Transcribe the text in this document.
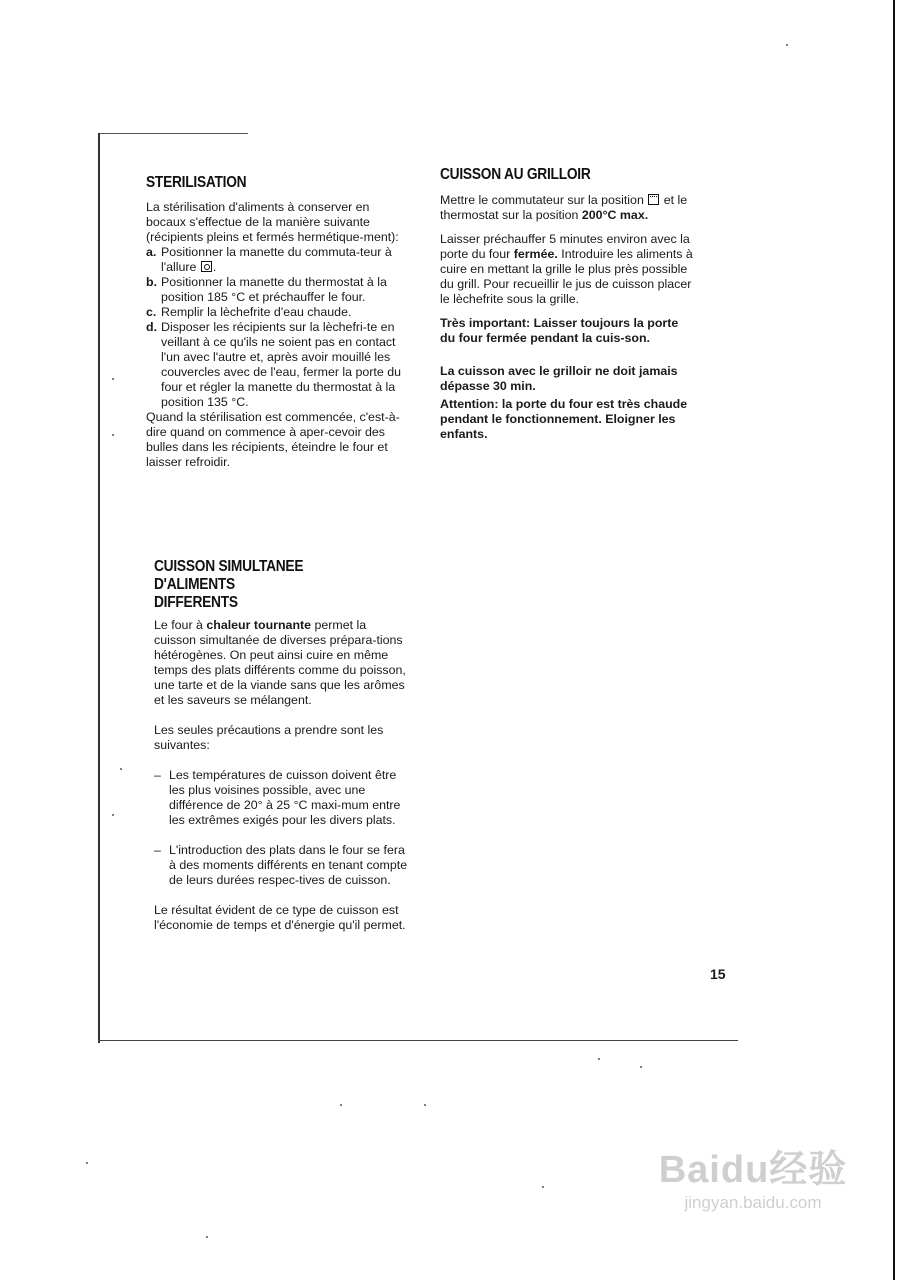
STERILISATION

La stérilisation d'aliments à conserver en bocaux s'effectue de la manière suivante (récipients pleins et fermés hermétique-ment):

a. Positionner la manette du commuta-teur à l'allure .
b. Positionner la manette du thermostat à la position 185 °C et préchauffer le four.
c. Remplir la lèchefrite d'eau chaude.
d. Disposer les récipients sur la lèchefri-te en veillant à ce qu'ils ne soient pas en contact l'un avec l'autre et, après avoir mouillé les couvercles avec de l'eau, fermer la porte du four et régler la manette du thermostat à la position 135 °C.

Quand la stérilisation est commencée, c'est-à-dire quand on commence à aper-cevoir des bulles dans les récipients, éteindre le four et laisser refroidir.

CUISSON SIMULTANEE D'ALIMENTS
DIFFERENTS

Le four à chaleur tournante permet la cuisson simultanée de diverses prépara-tions hétérogènes. On peut ainsi cuire en même temps des plats différents comme du poisson, une tarte et de la viande sans que les arômes et les saveurs se mélangent.

Les seules précautions a prendre sont les suivantes:

– Les températures de cuisson doivent être les plus voisines possible, avec une différence de 20° à 25 °C maxi-mum entre les extrêmes exigés pour les divers plats.
– L'introduction des plats dans le four se fera à des moments différents en tenant compte de leurs durées respec-tives de cuisson.

Le résultat évident de ce type de cuisson est l'économie de temps et d'énergie qu'il permet.

CUISSON AU GRILLOIR

Mettre le commutateur sur la position et le thermostat sur la position 200°C max.

Laisser préchauffer 5 minutes environ avec la porte du four fermée. Introduire les aliments à cuire en mettant la grille le plus près possible du grill. Pour recueillir le jus de cuisson placer le lèchefrite sous la grille.

Très important: Laisser toujours la porte du four fermée pendant la cuis-son.

La cuisson avec le grilloir ne doit jamais dépasse 30 min.

Attention: la porte du four est très chaude pendant le fonctionnement. Eloigner les enfants.

15
Baidu经验
jingyan.baidu.com
